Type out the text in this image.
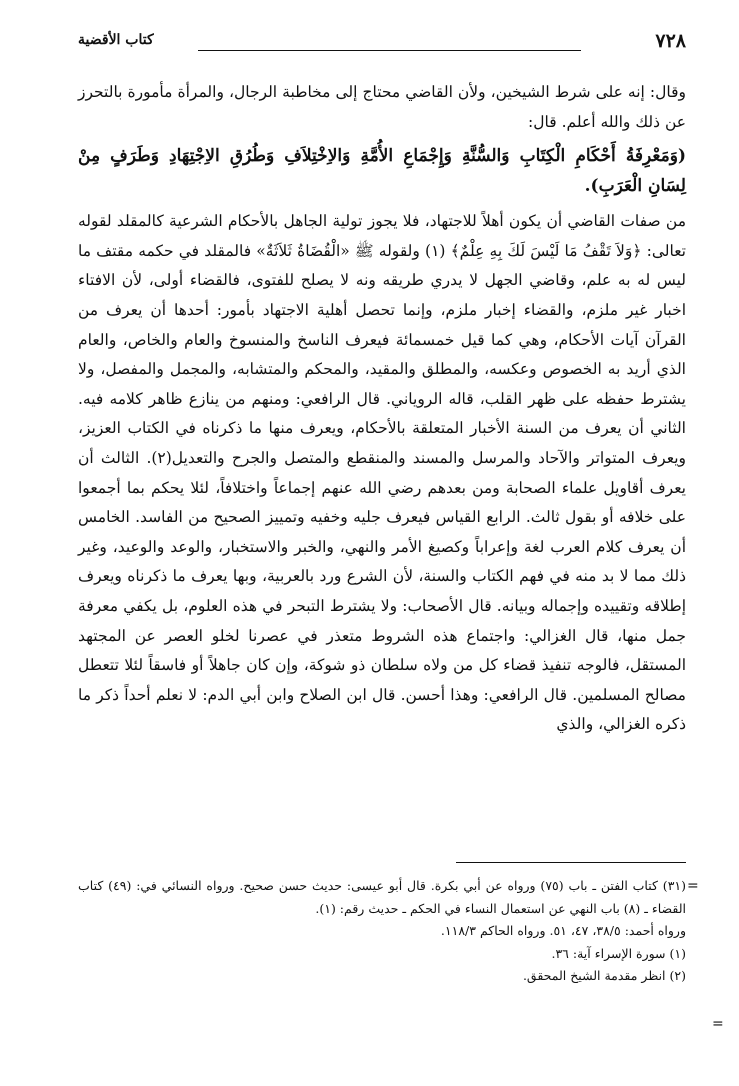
٧٢٨
كتاب الأقضية

وقال: إنه على شرط الشيخين، ولأن القاضي محتاج إلى مخاطبة الرجال، والمرأة مأمورة بالتحرز عن ذلك والله أعلم. قال:

(وَمَعْرِفَةُ أَحْكَامِ الْكِتَابِ وَالسُّنَّةِ وَإِجْمَاعِ الأُمَّةِ وَالاِخْتِلاَفِ وَطُرُقِ الاِجْتِهَادِ وَطَرَفٍ مِنْ لِسَانِ الْعَرَبِ).

من صفات القاضي أن يكون أهلاً للاجتهاد، فلا يجوز تولية الجاهل بالأحكام الشرعية كالمقلد لقوله تعالى: ﴿وَلاَ تَقْفُ مَا لَيْسَ لَكَ بِهِ عِلْمٌ﴾ (١) ولقوله ﷺ «الْقُضَاةُ ثَلاَثَةٌ» فالمقلد في حكمه مقتف ما ليس له به علم، وقاضي الجهل لا يدري طريقه ونه لا يصلح للفتوى، فالقضاء أولى، لأن الافتاء اخبار غير ملزم، والقضاء إخبار ملزم، وإنما تحصل أهلية الاجتهاد بأمور: أحدها أن يعرف من القرآن آيات الأحكام، وهي كما قيل خمسمائة فيعرف الناسخ والمنسوخ والعام والخاص، والعام الذي أريد به الخصوص وعكسه، والمطلق والمقيد، والمحكم والمتشابه، والمجمل والمفصل، ولا يشترط حفظه على ظهر القلب، قاله الروياني. قال الرافعي: ومنهم من ينازع ظاهر كلامه فيه. الثاني أن يعرف من السنة الأخبار المتعلقة بالأحكام، ويعرف منها ما ذكرناه في الكتاب العزيز، ويعرف المتواتر والآحاد والمرسل والمسند والمنقطع والمتصل والجرح والتعديل(٢). الثالث أن يعرف أقاويل علماء الصحابة ومن بعدهم رضي الله عنهم إجماعاً واختلافاً، لئلا يحكم بما أجمعوا على خلافه أو بقول ثالث. الرابع القياس فيعرف جليه وخفيه وتمييز الصحيح من الفاسد. الخامس أن يعرف كلام العرب لغة وإعراباً وكصيغ الأمر والنهي، والخبر والاستخبار، والوعد والوعيد، وغير ذلك مما لا بد منه في فهم الكتاب والسنة، لأن الشرع ورد بالعربية، وبها يعرف ما ذكرناه ويعرف إطلاقه وتقييده وإجماله وبيانه. قال الأصحاب: ولا يشترط التبحر في هذه العلوم، بل يكفي معرفة جمل منها، قال الغزالي: واجتماع هذه الشروط متعذر في عصرنا لخلو العصر عن المجتهد المستقل، فالوجه تنفيذ قضاء كل من ولاه سلطان ذو شوكة، وإن كان جاهلاً أو فاسقاً لئلا تتعطل مصالح المسلمين. قال الرافعي: وهذا أحسن. قال ابن الصلاح وابن أبي الدم: لا نعلم أحداً ذكر ما ذكره الغزالي، والذي

=

(٣١) كتاب الفتن ـ باب (٧٥) ورواه عن أبي بكرة. قال أبو عيسى: حديث حسن صحيح. ورواه النسائي في: (٤٩) كتاب القضاء ـ (٨) باب النهي عن استعمال النساء في الحكم ـ حديث رقم: (١).

ورواه أحمد: ٣٨/٥، ٤٧، ٥١. ورواه الحاكم ١١٨/٣.

(١) سورة الإسراء آية: ٣٦.

(٢) انظر مقدمة الشيخ المحقق.

=
